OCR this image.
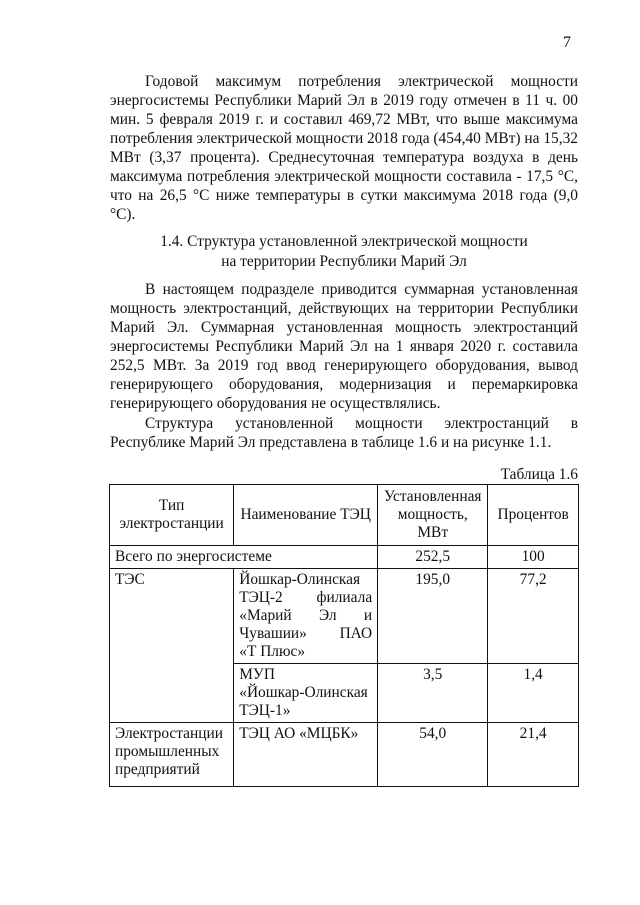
7

Годовой максимум потребления электрической мощности энергосистемы Республики Марий Эл в 2019 году отмечен в 11 ч. 00 мин. 5 февраля 2019 г. и составил 469,72 МВт, что выше максимума потребления электрической мощности 2018 года (454,40 МВт) на 15,32 МВт (3,37 процента). Среднесуточная температура воздуха в день максимума потребления электрической мощности составила - 17,5 °С, что на 26,5 °С ниже температуры в сутки максимума 2018 года (9,0 °С).

1.4. Структура установленной электрической мощности
на территории Республики Марий Эл

В настоящем подразделе приводится суммарная установленная мощность электростанций, действующих на территории Республики Марий Эл. Суммарная установленная мощность электростанций энергосистемы Республики Марий Эл на 1 января 2020 г. составила 252,5 МВт. За 2019 год ввод генерирующего оборудования, вывод генерирующего оборудования, модернизация и перемаркировка генерирующего оборудования не осуществлялись.

Структура установленной мощности электростанций в Республике Марий Эл представлена в таблице 1.6 и на рисунке 1.1.

Таблица 1.6
Тип электростанции	Наименование ТЭЦ	Установленная мощность, МВт	Процентов
Всего по энергосистеме		252,5	100
ТЭС	Йошкар-Олинская
ТЭЦ-2 филиала
«Марий Эл и
Чувашии» ПАО
«Т Плюс»	195,0	77,2

	МУП
«Йошкар-Олинская
ТЭЦ-1»	3,5	1,4

Электростанции
промышленных
предприятий	ТЭЦ АО «МЦБК»	54,0	21,4
